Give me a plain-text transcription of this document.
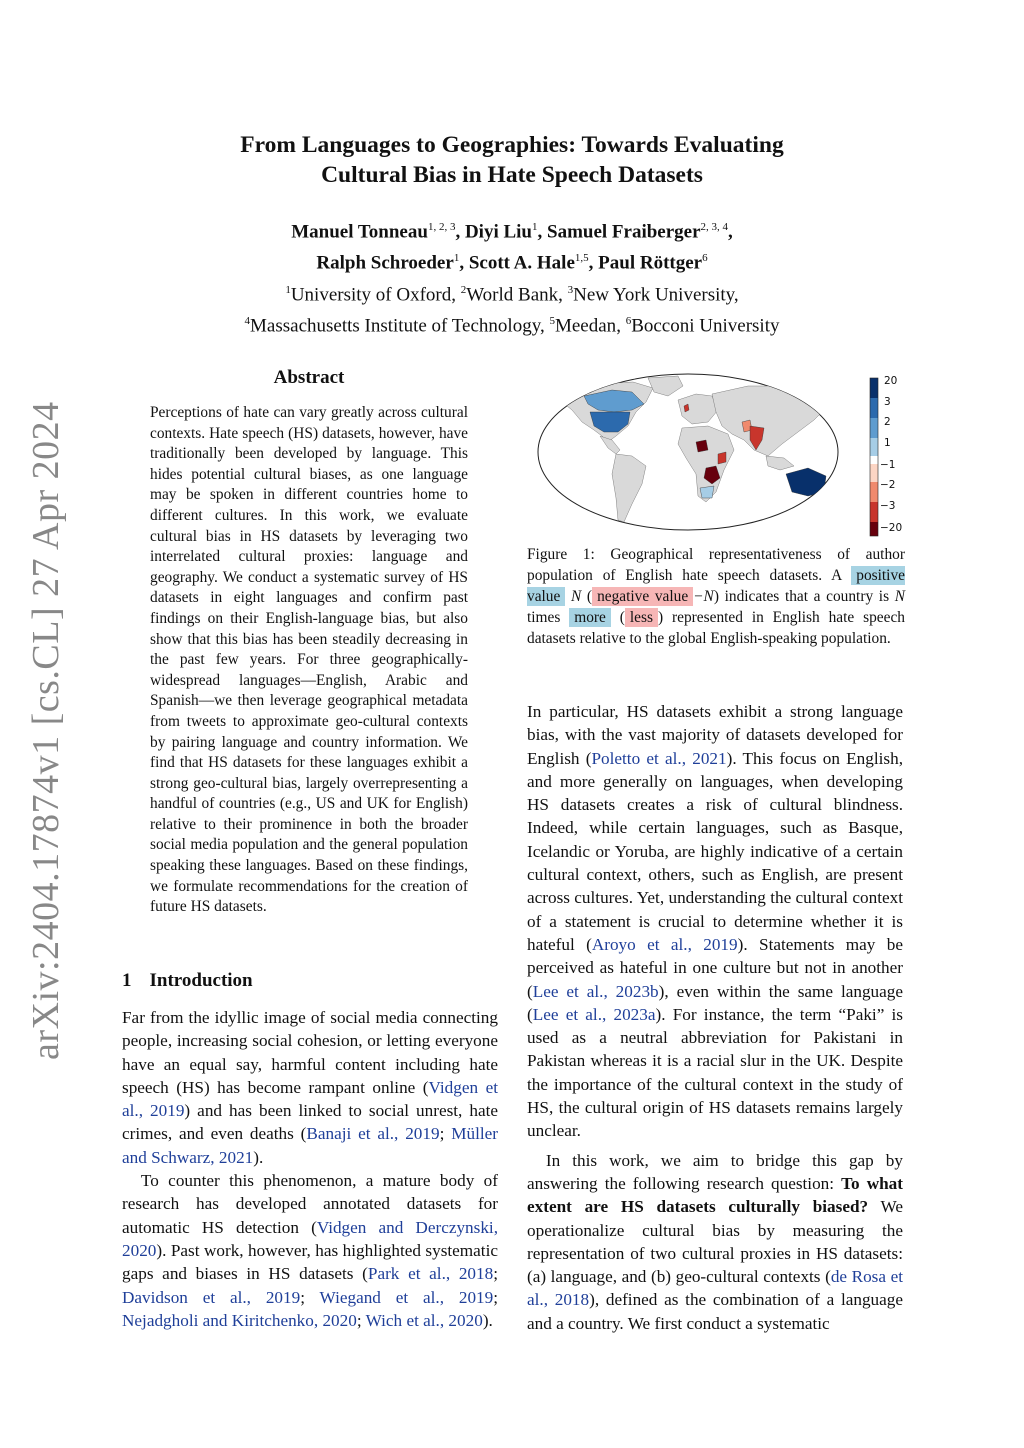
arXiv:2404.17874v1 [cs.CL] 27 Apr 2024
From Languages to Geographies: Towards Evaluating
Cultural Bias in Hate Speech Datasets
Manuel Tonneau$^{1, 2, 3}$, Diyi Liu$^1$, Samuel Fraiberger$^{2, 3, 4}$,
Ralph Schroeder$^1$, Scott A. Hale$^{1,5}$, Paul Röttger$^6$
$^1$University of Oxford, $^2$World Bank, $^3$New York University,
$^4$Massachusetts Institute of Technology, $^5$Meedan, $^6$Bocconi University
Abstract
Perceptions of hate can vary greatly across cultural contexts. Hate speech (HS) datasets, however, have traditionally been developed by language. This hides potential cultural biases, as one language may be spoken in different countries home to different cultures. In this work, we evaluate cultural bias in HS datasets by leveraging two interrelated cultural proxies: language and geography. We conduct a systematic survey of HS datasets in eight languages and confirm past findings on their English-language bias, but also show that this bias has been steadily decreasing in the past few years. For three geographically-widespread languages—English, Arabic and Spanish—we then leverage geographical metadata from tweets to approximate geo-cultural contexts by pairing language and country information. We find that HS datasets for these languages exhibit a strong geo-cultural bias, largely overrepresenting a handful of countries (e.g., US and UK for English) relative to their prominence in both the broader social media population and the general population speaking these languages. Based on these findings, we formulate recommendations for the creation of future HS datasets.
1 Introduction

Far from the idyllic image of social media connecting people, increasing social cohesion, or letting everyone have an equal say, harmful content including hate speech (HS) has become rampant online (Vidgen et al., 2019) and has been linked to social unrest, hate crimes, and even deaths (Banaji et al., 2019; Müller and Schwarz, 2021).

To counter this phenomenon, a mature body of research has developed annotated datasets for automatic HS detection (Vidgen and Derczynski, 2020). Past work, however, has highlighted systematic gaps and biases in HS datasets (Park et al., 2018; Davidson et al., 2019; Wiegand et al., 2019; Nejadgholi and Kiritchenko, 2020; Wich et al., 2020).

20
3
2
1
−1
−2
−3
−20
Figure 1: Geographical representativeness of author population of English hate speech datasets. A positive value N ( negative value −N) indicates that a country is N times more ( less ) represented in English hate speech datasets relative to the global English-speaking population.

In particular, HS datasets exhibit a strong language bias, with the vast majority of datasets developed for English (Poletto et al., 2021). This focus on English, and more generally on languages, when developing HS datasets creates a risk of cultural blindness. Indeed, while certain languages, such as Basque, Icelandic or Yoruba, are highly indicative of a certain cultural context, others, such as English, are present across cultures. Yet, understanding the cultural context of a statement is crucial to determine whether it is hateful (Aroyo et al., 2019). Statements may be perceived as hateful in one culture but not in another (Lee et al., 2023b), even within the same language (Lee et al., 2023a). For instance, the term “Paki” is used as a neutral abbreviation for Pakistani in Pakistan whereas it is a racial slur in the UK. Despite the importance of the cultural context in the study of HS, the cultural origin of HS datasets remains largely unclear.

In this work, we aim to bridge this gap by answering the following research question: To what extent are HS datasets culturally biased? We operationalize cultural bias by measuring the representation of two cultural proxies in HS datasets: (a) language, and (b) geo-cultural contexts (de Rosa et al., 2018), defined as the combination of a language and a country. We first conduct a systematic
